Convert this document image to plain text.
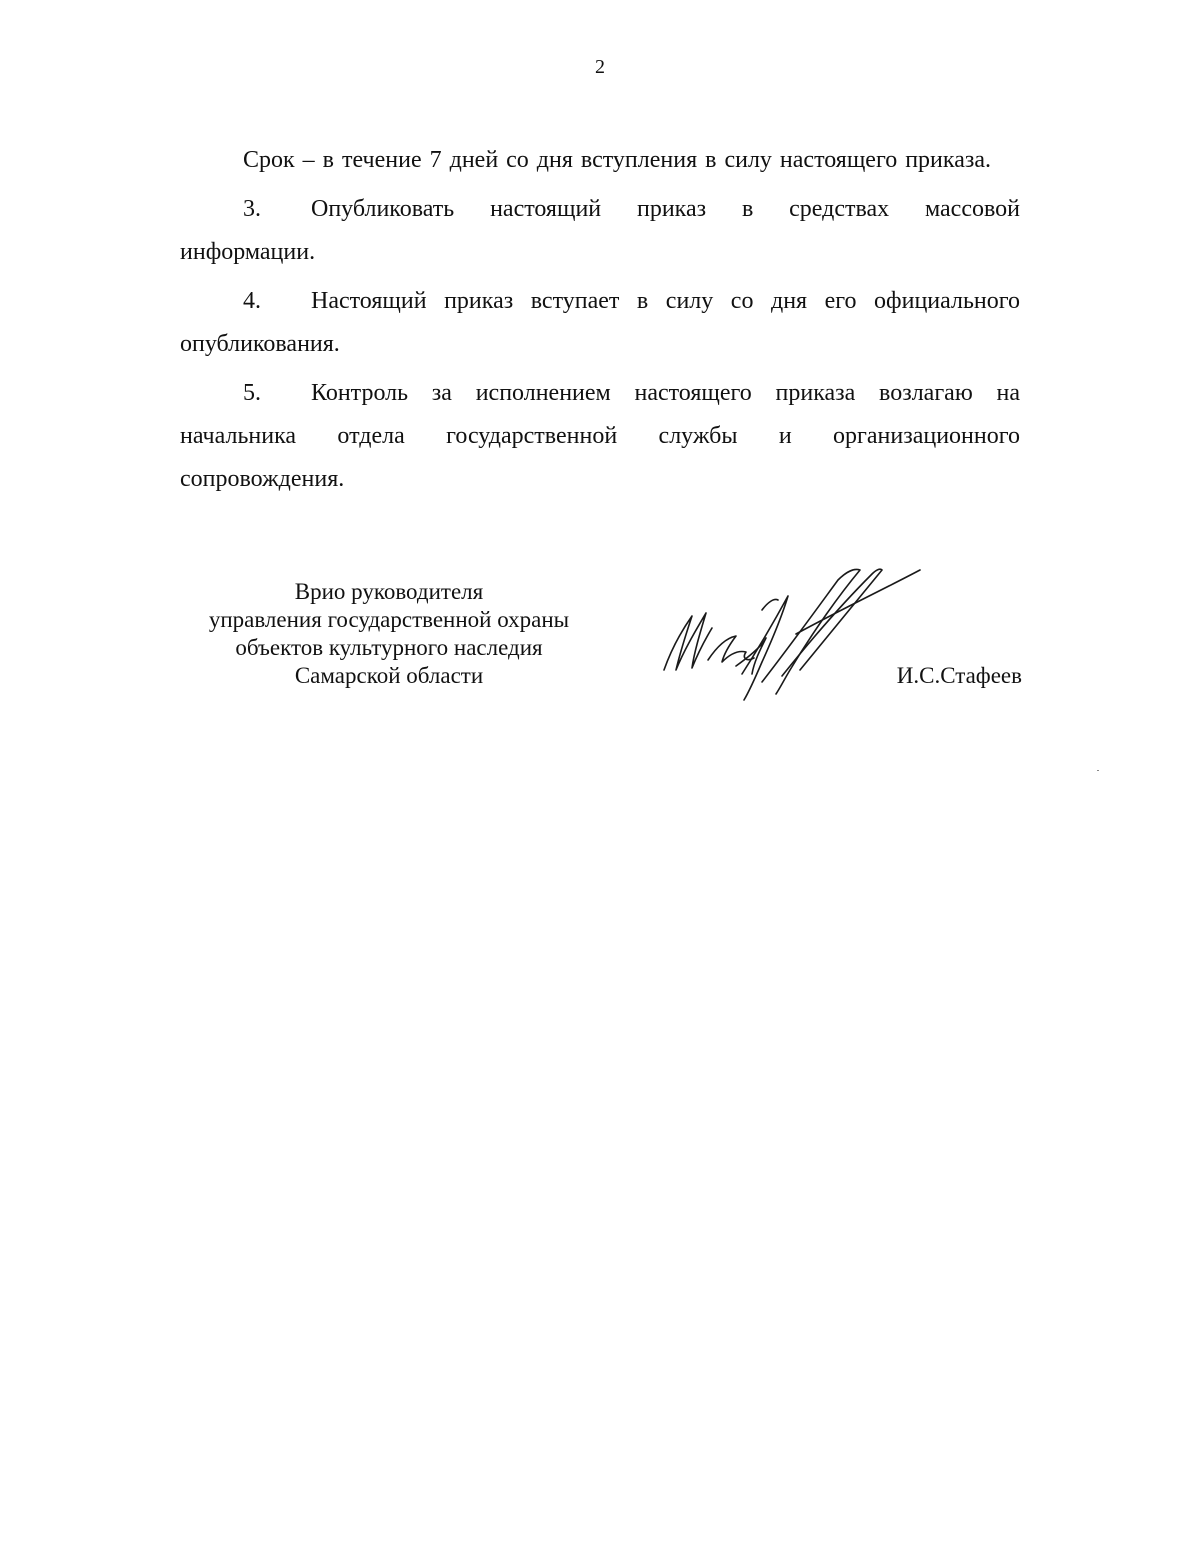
2

Срок – в течение 7 дней со дня вступления в силу настоящего приказа.

3. Опубликовать настоящий приказ в средствах массовой информации.

4. Настоящий приказ вступает в силу со дня его официального опубликования.

5. Контроль за исполнением настоящего приказа возлагаю на начальника отдела государственной службы и организационного сопровождения.

Врио руководителя
управления государственной охраны
объектов культурного наследия
Самарской области	И.С.Стафеев
